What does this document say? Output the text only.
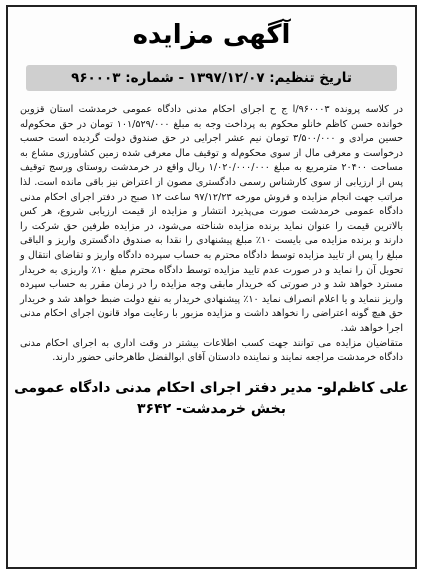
آگهی مزایده
تاریخ تنظیم:

۱۳۹۷/۱۲/۰۷
-
شماره:

۹۶۰۰۰۳

در کلاسه پرونده ۹۶۰۰۰۳/ا ج ح اجرای احکام مدنی دادگاه عمومی خرمدشت استان قزوین خوانده حسن کاظم خانلو محکوم به پرداخت وجه به مبلغ ۱۰۱/۵۲۹/۰۰۰ تومان در حق محکوم‌له حسین مرادی و ۳/۵۰۰/۰۰۰ تومان نیم عشر اجرایی در حق صندوق دولت گردیده است حسب درخواست و معرفی مال از سوی محکوم‌له و توقیف مال معرفی شده زمین کشاورزی مشاع به مساحت ۲۰۴۰۰ مترمربع به مبلغ ۱/۰۲۰/۰۰۰/۰۰۰ ریال واقع در خرمدشت روستای ورسج توقیف پس از ارزیابی از سوی کارشناس رسمی دادگستری مصون از اعتراض نیز باقی مانده است. لذا مراتب جهت انجام مزایده و فروش مورخه ۹۷/۱۲/۲۳ ساعت ۱۲ صبح در دفتر اجرای احکام مدنی دادگاه عمومی خرمدشت صورت می‌پذیرد انتشار و مزایده از قیمت ارزیابی شروع، هر کس بالاترین قیمت را عنوان نماید برنده مزایده شناخته می‌شود، در مزایده طرفین حق شرکت را دارند و برنده مزایده می بایست ۱۰٪ مبلغ پیشنهادی را نقدا به صندوق دادگستری واریز و الباقی مبلغ را پس از تایید مزایده توسط دادگاه محترم به حساب سپرده دادگاه واریز و تقاضای انتقال و تحویل آن را نماید و در صورت عدم تایید مزایده توسط دادگاه محترم مبلغ ۱۰٪ واریزی به خریدار مسترد خواهد شد و در صورتی که خریدار مابقی وجه مزایده را در زمان مقرر به حساب سپرده واریز ننماید و یا اعلام انصراف نماید ۱۰٪ پیشنهادی خریدار به نفع دولت ضبط خواهد شد و خریدار حق هیچ گونه اعتراضی را نخواهد داشت و مزایده مزبور با رعایت مواد قانون اجرای احکام مدنی اجرا خواهد شد.

متقاضیان مزایده می توانند جهت کسب اطلاعات بیشتر در وقت اداری به اجرای احکام مدنی دادگاه خرمدشت مراجعه نمایند و نماینده دادستان آقای ابوالفضل طاهرخانی حضور دارند.

علی کاظم‌لو- مدیر دفتر اجرای احکام مدنی دادگاه عمومی
بخش خرمدشت- ۳۶۴۲
